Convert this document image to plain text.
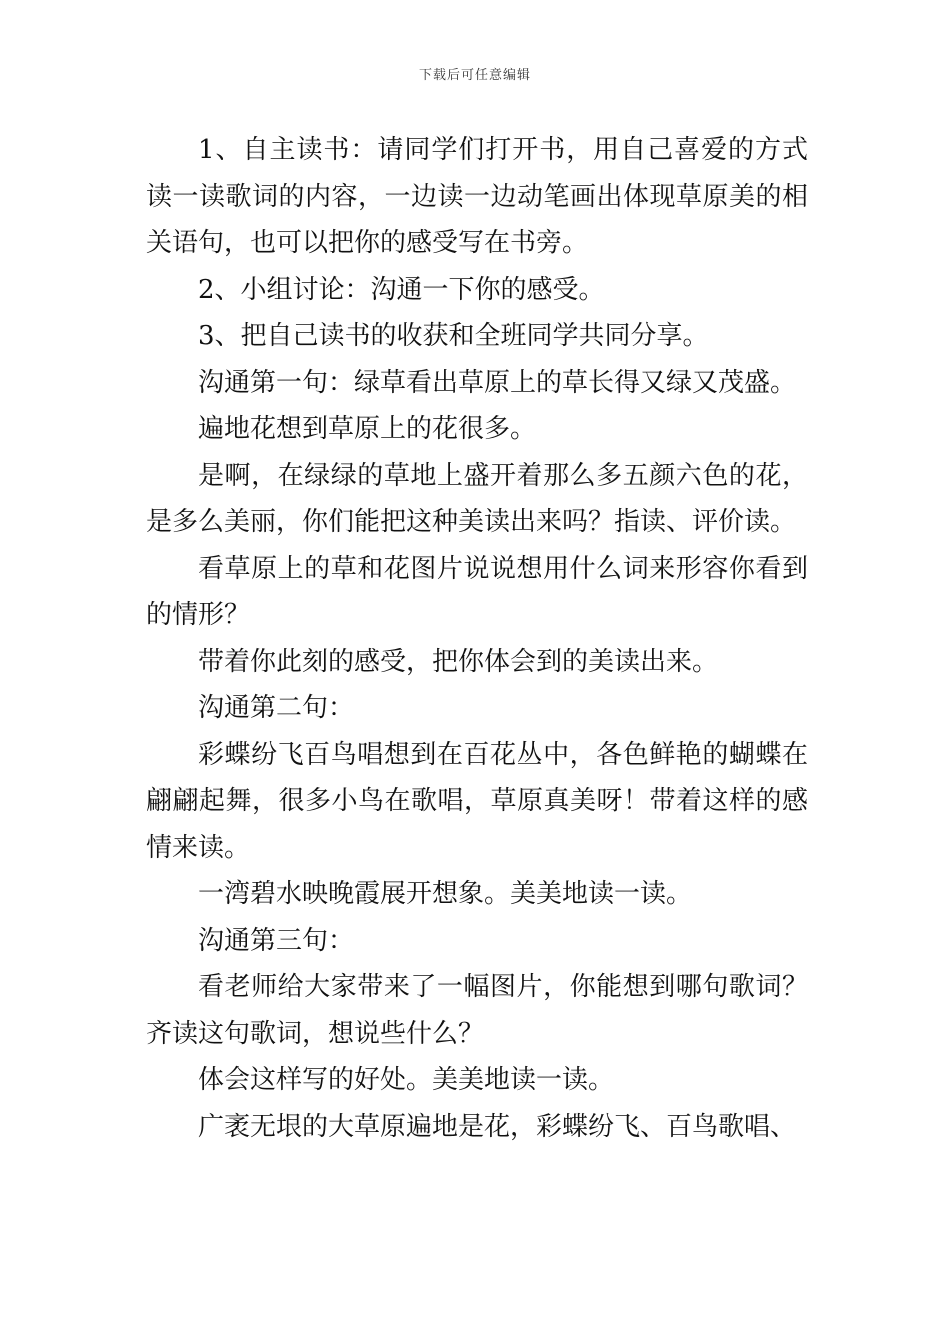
下载后可任意编辑

1、自主读书：请同学们打开书，用自己喜爱的方式读一读歌词的内容，一边读一边动笔画出体现草原美的相关语句，也可以把你的感受写在书旁。

2、小组讨论：沟通一下你的感受。

3、把自己读书的收获和全班同学共同分享。

沟通第一句：绿草看出草原上的草长得又绿又茂盛。

遍地花想到草原上的花很多。

是啊，在绿绿的草地上盛开着那么多五颜六色的花，是多么美丽，你们能把这种美读出来吗？指读、评价读。

看草原上的草和花图片说说想用什么词来形容你看到的情形？

带着你此刻的感受，把你体会到的美读出来。

沟通第二句：

彩蝶纷飞百鸟唱想到在百花丛中，各色鲜艳的蝴蝶在翩翩起舞，很多小鸟在歌唱，草原真美呀！带着这样的感情来读。

一湾碧水映晚霞展开想象。美美地读一读。

沟通第三句：

看老师给大家带来了一幅图片，你能想到哪句歌词？齐读这句歌词，想说些什么？

体会这样写的好处。美美地读一读。

广袤无垠的大草原遍地是花，彩蝶纷飞、百鸟歌唱、
